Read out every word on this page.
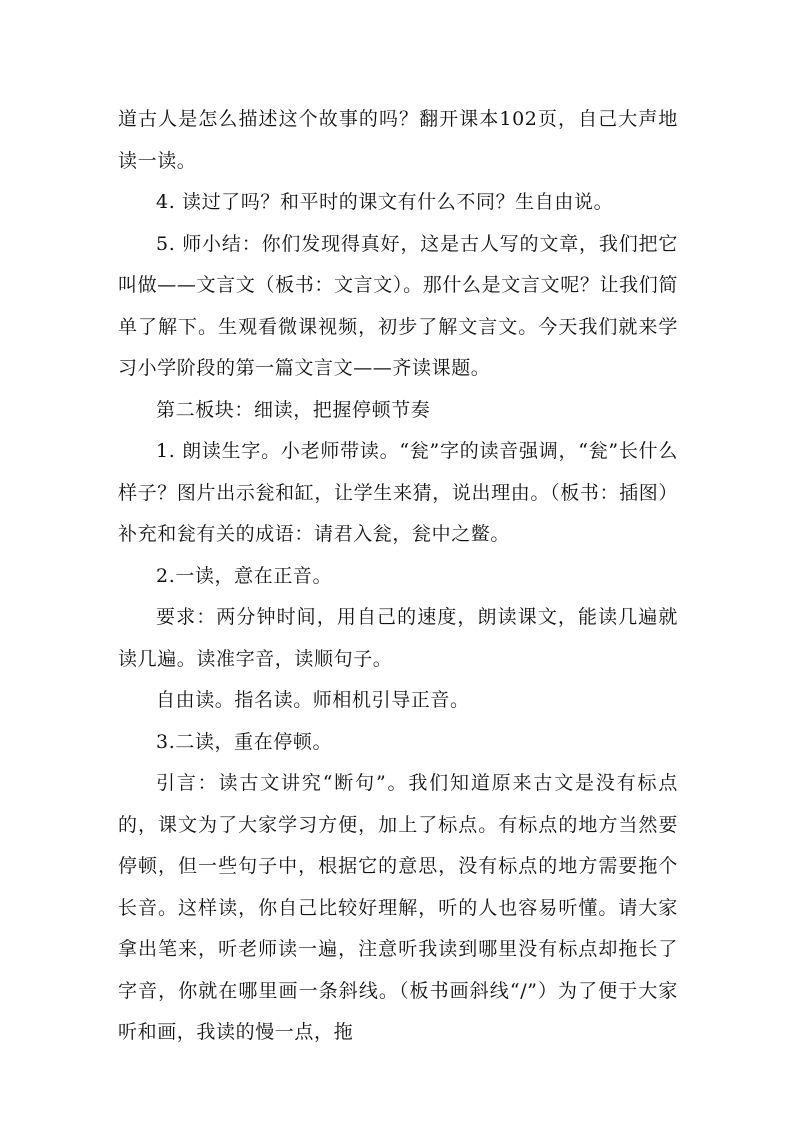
道古人是怎么描述这个故事的吗？翻开课本102页，自己大声地读一读。

4. 读过了吗？和平时的课文有什么不同？生自由说。

5. 师小结：你们发现得真好，这是古人写的文章，我们把它叫做——文言文（板书：文言文）。那什么是文言文呢？让我们简单了解下。生观看微课视频，初步了解文言文。今天我们就来学习小学阶段的第一篇文言文——齐读课题。

第二板块：细读，把握停顿节奏

1. 朗读生字。小老师带读。“瓮”字的读音强调，“瓮”长什么样子？图片出示瓮和缸，让学生来猜，说出理由。（板书：插图）补充和瓮有关的成语：请君入瓮，瓮中之鳖。

2.一读，意在正音。

要求：两分钟时间，用自己的速度，朗读课文，能读几遍就读几遍。读准字音，读顺句子。

自由读。指名读。师相机引导正音。

3.二读，重在停顿。

引言：读古文讲究“断句”。我们知道原来古文是没有标点的，课文为了大家学习方便，加上了标点。有标点的地方当然要停顿，但一些句子中，根据它的意思，没有标点的地方需要拖个长音。这样读，你自己比较好理解，听的人也容易听懂。请大家拿出笔来，听老师读一遍，注意听我读到哪里没有标点却拖长了字音，你就在哪里画一条斜线。（板书画斜线“/”）为了便于大家听和画，我读的慢一点，拖
